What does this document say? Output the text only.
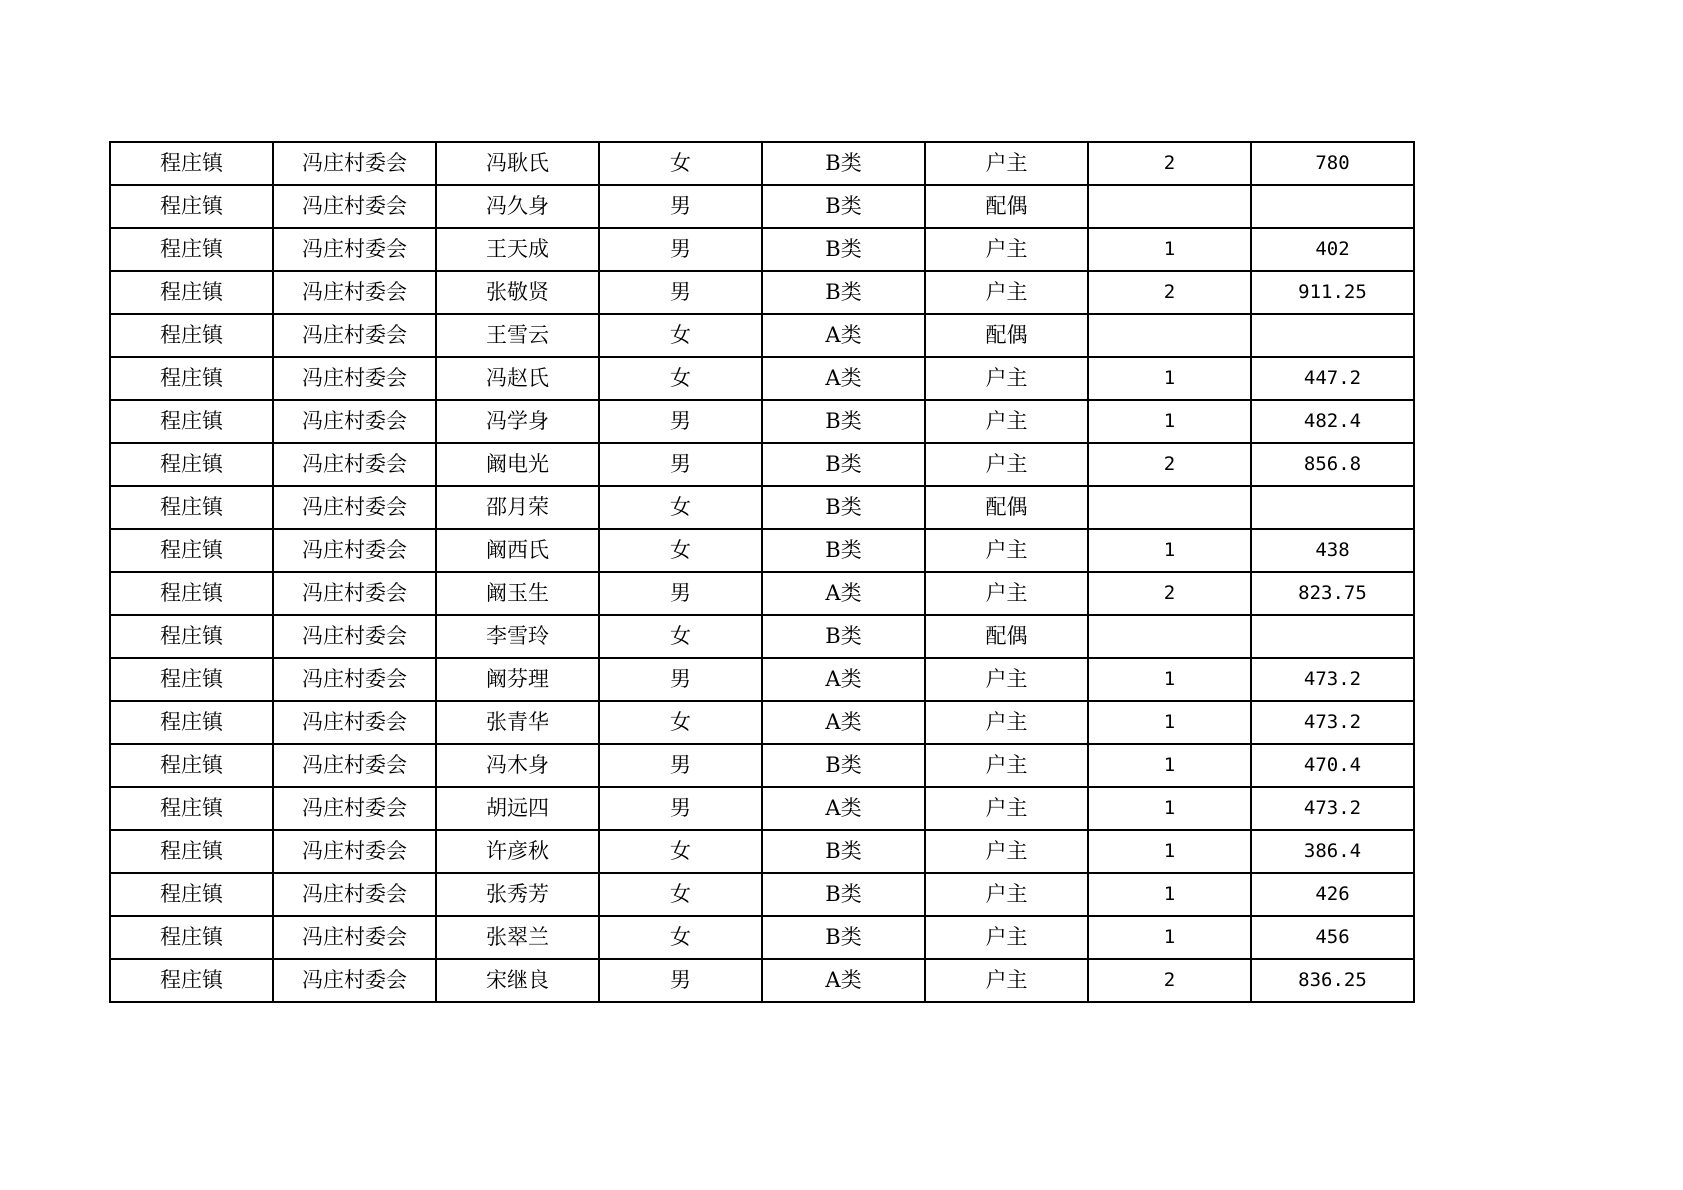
程庄镇	冯庄村委会	冯耿氏	女	B类	户主	2	780
程庄镇	冯庄村委会	冯久身	男	B类	配偶		
程庄镇	冯庄村委会	王天成	男	B类	户主	1	402
程庄镇	冯庄村委会	张敬贤	男	B类	户主	2	911.25
程庄镇	冯庄村委会	王雪云	女	A类	配偶		
程庄镇	冯庄村委会	冯赵氏	女	A类	户主	1	447.2
程庄镇	冯庄村委会	冯学身	男	B类	户主	1	482.4
程庄镇	冯庄村委会	阚电光	男	B类	户主	2	856.8
程庄镇	冯庄村委会	邵月荣	女	B类	配偶		
程庄镇	冯庄村委会	阚西氏	女	B类	户主	1	438
程庄镇	冯庄村委会	阚玉生	男	A类	户主	2	823.75
程庄镇	冯庄村委会	李雪玲	女	B类	配偶		
程庄镇	冯庄村委会	阚芬理	男	A类	户主	1	473.2
程庄镇	冯庄村委会	张青华	女	A类	户主	1	473.2
程庄镇	冯庄村委会	冯木身	男	B类	户主	1	470.4
程庄镇	冯庄村委会	胡远四	男	A类	户主	1	473.2
程庄镇	冯庄村委会	许彦秋	女	B类	户主	1	386.4
程庄镇	冯庄村委会	张秀芳	女	B类	户主	1	426
程庄镇	冯庄村委会	张翠兰	女	B类	户主	1	456
程庄镇	冯庄村委会	宋继良	男	A类	户主	2	836.25
